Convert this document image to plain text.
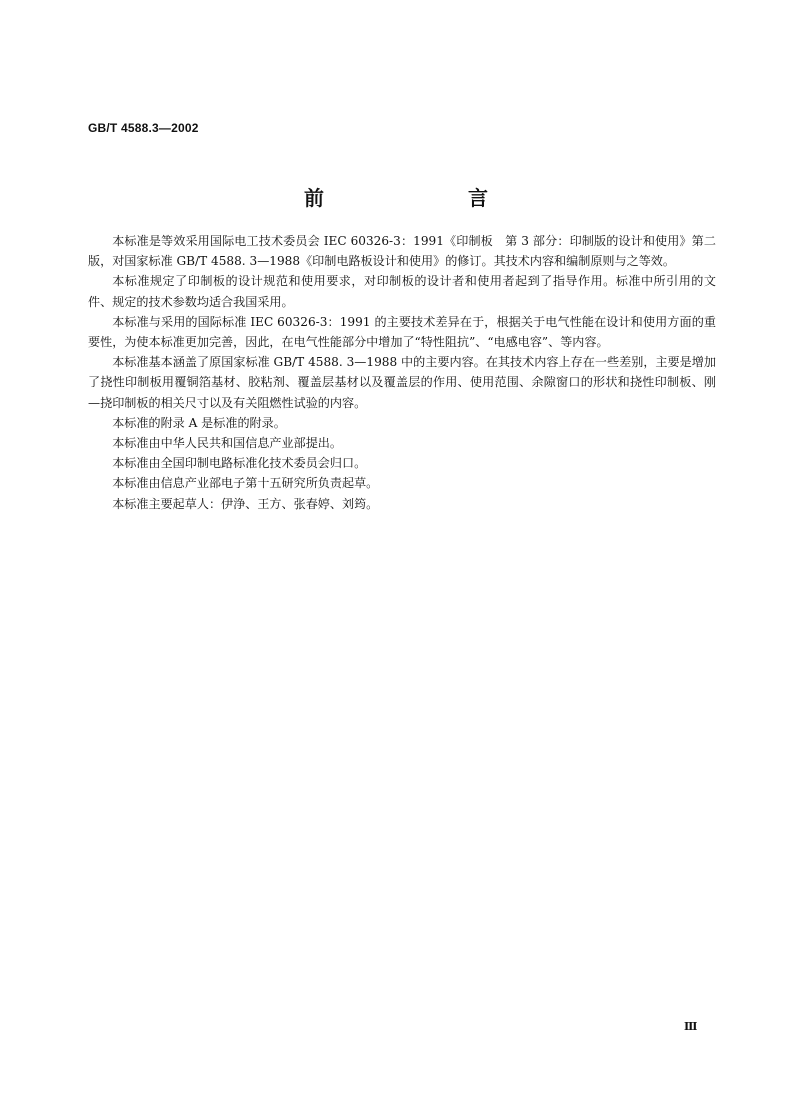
GB/T 4588.3—2002
前　言

本标准是等效采用国际电工技术委员会 IEC 60326-3：1991《印制板　第 3 部分：印制版的设计和使用》第二版，对国家标准 GB/T 4588. 3—1988《印制电路板设计和使用》的修订。其技术内容和编制原则与之等效。

本标准规定了印制板的设计规范和使用要求，对印制板的设计者和使用者起到了指导作用。标准中所引用的文件、规定的技术参数均适合我国采用。

本标准与采用的国际标准 IEC 60326-3：1991 的主要技术差异在于，根据关于电气性能在设计和使用方面的重要性，为使本标准更加完善，因此，在电气性能部分中增加了“特性阻抗”、“电感电容”、等内容。

本标准基本涵盖了原国家标准 GB/T 4588. 3—1988 中的主要内容。在其技术内容上存在一些差别，主要是增加了挠性印制板用覆铜箔基材、胶粘剂、覆盖层基材以及覆盖层的作用、使用范围、余隙窗口的形状和挠性印制板、刚—挠印制板的相关尺寸以及有关阻燃性试验的内容。

本标准的附录 A 是标准的附录。

本标准由中华人民共和国信息产业部提出。

本标准由全国印制电路标准化技术委员会归口。

本标准由信息产业部电子第十五研究所负责起草。

本标准主要起草人：伊浄、王方、张春婷、刘筠。

Ⅲ
